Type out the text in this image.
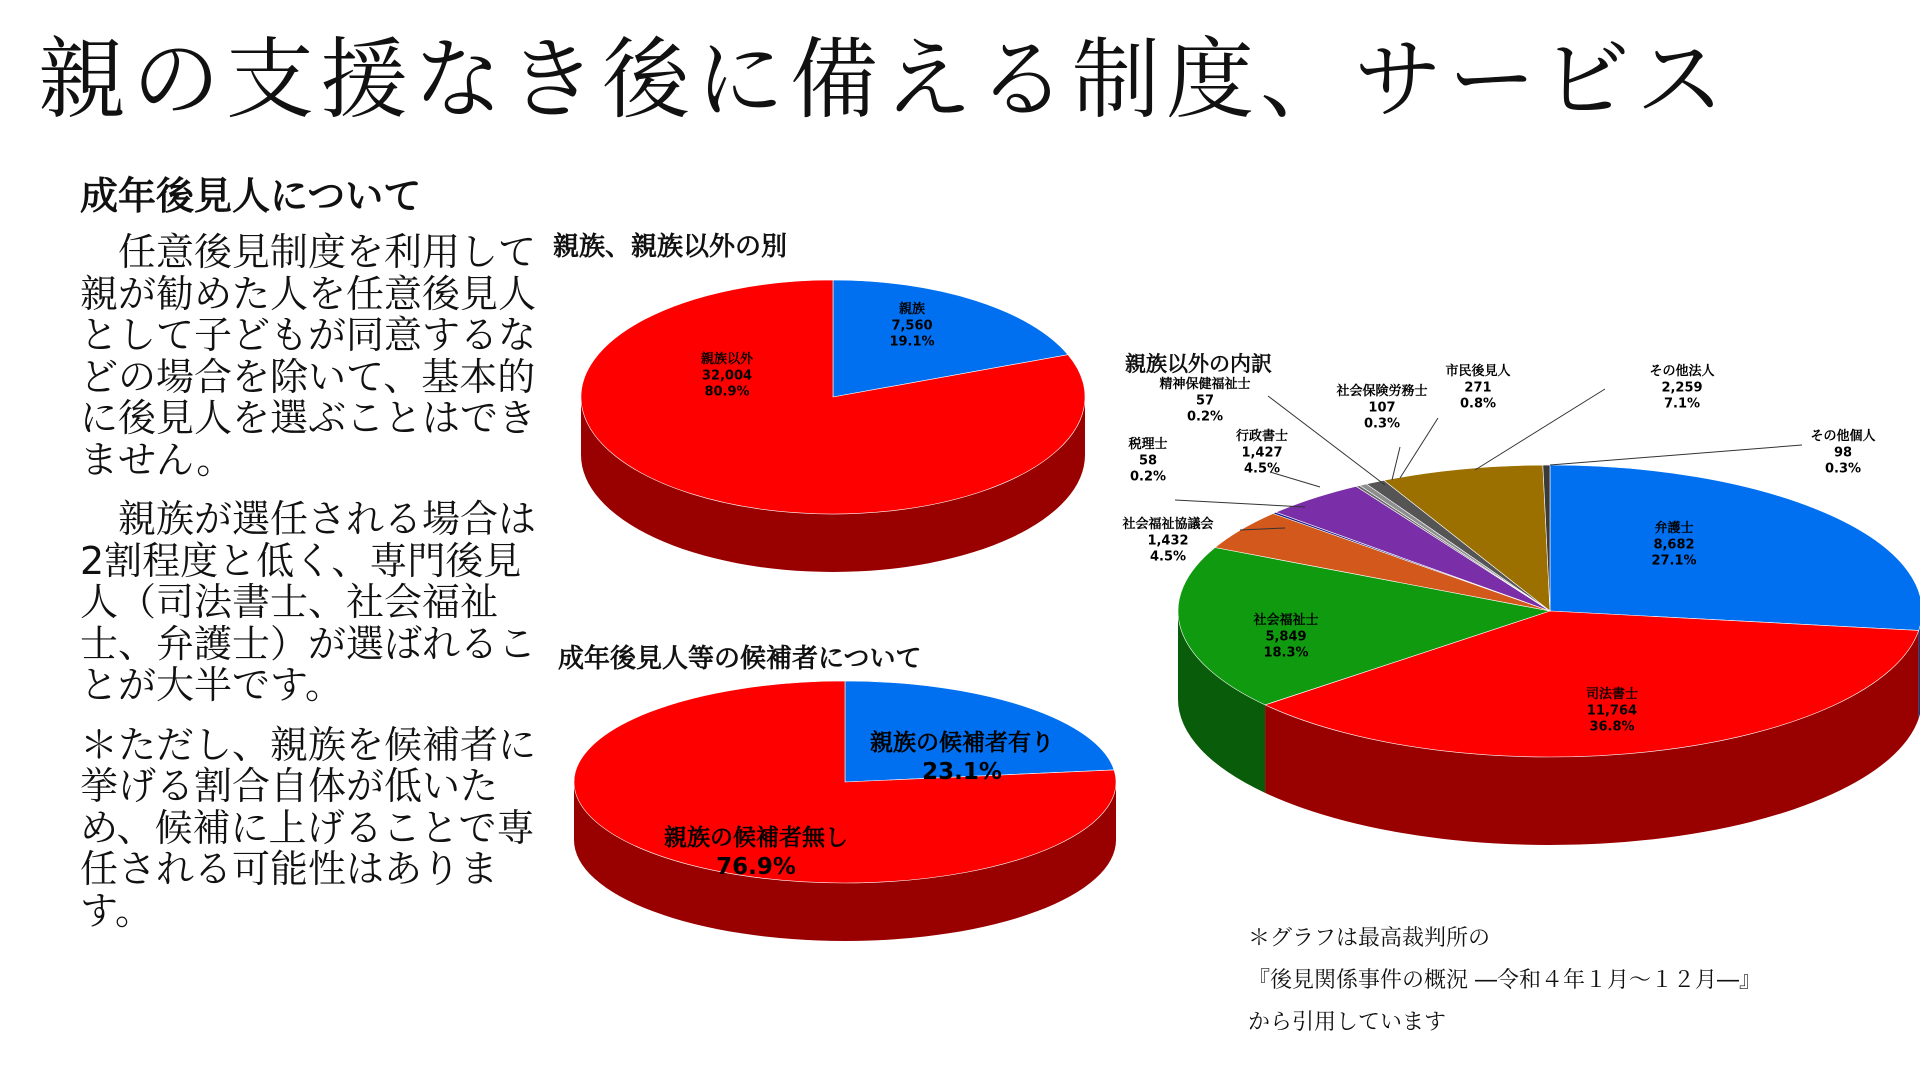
親の支援なき後に備える制度、サービス
成年後見人について

　任意後見制度を利用して親が勧めた人を任意後見人として子どもが同意するなどの場合を除いて、基本的に後見人を選ぶことはできません。

　親族が選任される場合は2割程度と低く、専門後見人（司法書士、社会福祉士、弁護士）が選ばれることが大半です。

＊ただし、親族を候補者に挙げる割合自体が低いため、候補に上げることで専任される可能性はあります。

親族、親族以外の別
親族 7,560 19.1%
親族以外 32,004 80.9%
親族の候補者有り 23.1%
親族の候補者無し 76.9%
弁護士 8,682 27.1%
司法書士 11,764 36.8%
社会福祉士 5,849 18.3%
社会福祉協議会 1,432 4.5%
税理士 58 0.2%
行政書士 1,427 4.5%
精神保健福祉士 57 0.2%
社会保険労務士 107 0.3%
市民後見人 271 0.8%
その他法人 2,259 7.1%
その他個人 98 0.3%
成年後見人等の候補者について
親族以外の内訳
＊グラフは最高裁判所の
『後見関係事件の概況 ―令和４年１月～１２月―』
から引用しています
